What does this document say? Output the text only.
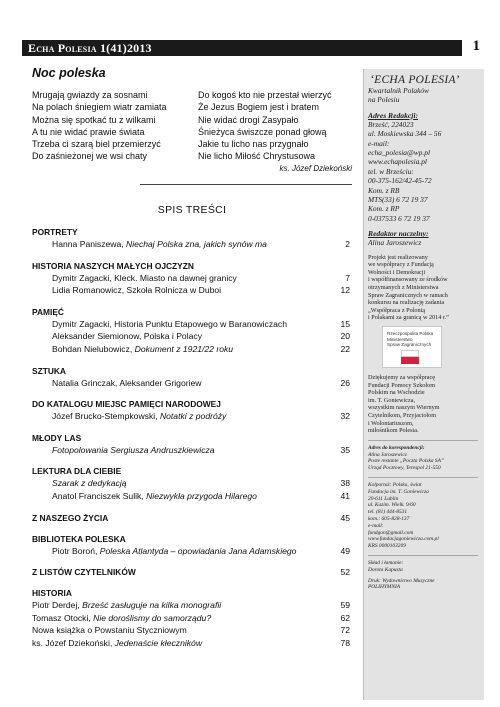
Echa Polesia 1(41)2013	1
Noc poleska
Mrugają gwiazdy za sosnami
Na polach śniegiem wiatr zamiata
Można się spotkać tu z wilkami
A tu nie widać prawie świata
Trzeba ci szarą biel przemierzyć
Do zaśnieżonej we wsi chaty
Do kogoś kto nie przestał wierzyć
Że Jezus Bogiem jest i bratem
Nie widać drogi Zasypało
Śnieżyca świszcze ponad głową
Jakie tu licho nas przygnało
Nie licho Miłość Chrystusowa
ks. Józef Dziekoński
SPIS TREŚCI
PORTRETY
Hanna Paniszewa, Niechaj Polska zna, jakich synów ma	2
HISTORIA NASZYCH MAŁYCH OJCZYZN
Dymitr Zagacki, Kleck. Miasto na dawnej granicy	7
Lidia Romanowicz, Szkoła Rolnicza w Duboi	12
PAMIĘĆ
Dymitr Zagacki, Historia Punktu Etapowego w Baranowiczach	15
Aleksander Siemionow, Polska i Polacy	20
Bohdan Nielubowicz, Dokument z 1921/22 roku	22
SZTUKA
Natalia Grinczak, Aleksander Grigoriew	26
DO KATALOGU MIEJSC PAMIĘCI NARODOWEJ
Józef Brucko-Stempkowski, Notatki z podróży	32
MŁODY LAS
Fotopolowania Sergiusza Andruszkiewicza	35
LEKTURA DLA CIEBIE
Szarak z dedykacją	38
Anatol Franciszek Sulik, Niezwykła przygoda Hilarego	41
Z NASZEGO ŻYCIA	45
BIBLIOTEKA POLESKA
Piotr Boroń, Poleska Atlantyda – opowiadania Jana Adamskiego	49
Z LISTÓW CZYTELNIKÓW	52
HISTORIA
Piotr Derdej, Brześć zasługuje na kilka monografii	59
Tomasz Otocki, Nie doroślismy do samorządu?	62
Nowa książka o Powstaniu Styczniowym	72
ks. Józef Dziekoński, Jedenaście kłeczników	78
‘ECHA POLESIA’
Kwartalnik Polaków
na Polesiu
Adres Redakcji:
Brześć, 224023
ul. Moskiewska 344 – 56
e-mail:
echa_polesia@wp.pl
www.echapolesia.pl
tel. w Brześciu:
00-375-162/42-45-72
Kom. z RB
MTS(33) 6 72 19 37
Kom. z RP
0-037533 6 72 19 37
Redaktor naczelny:
Alina Jaroszewicz
Projekt jest realizowany
we współpracy z Fundacją
Wolności i Demokracji
i współfinansowany ze środków
otrzymanych z Ministerstwa
Spraw Zagranicznych w ramach
konkursu na realizację zadania
„Współpraca z Polonią
i Polakami za granicą w 2014 r.”
Rzeczpospolita Polska
Ministerstwo
Spraw Zagranicznych
Dziękujemy za współpracę
Fundacji Pomocy Szkołom
Polskim na Wschodzie
im. T. Goniewicza,
wszystkim naszym Wiernym
Czytelnikom, Przyjaciołom
i Wolontariuszom,
miłośnikom Polesia.
Adres do korespondencji:
Alina Jaroszewicz
Poste restante „Poczta Polska SA”
Urząd Pocztowy, Terespol 21-550
Kolportaż: Polska, świat
Fundacja im. T. Goniewicza
20-611 Lublin
ul. Kazim. Wielk. 9/60
tel. (81) 444-8531
kom.: 605-828-137
e-mail:
fundgon@gmail.com
www.fundacjagoniewicza.com.pl
KRS 0000103209
Skład i łamanie:
Dorota Kapusta
Druk: Wydawnictwo Muzyczne
POLIHYMNIA
